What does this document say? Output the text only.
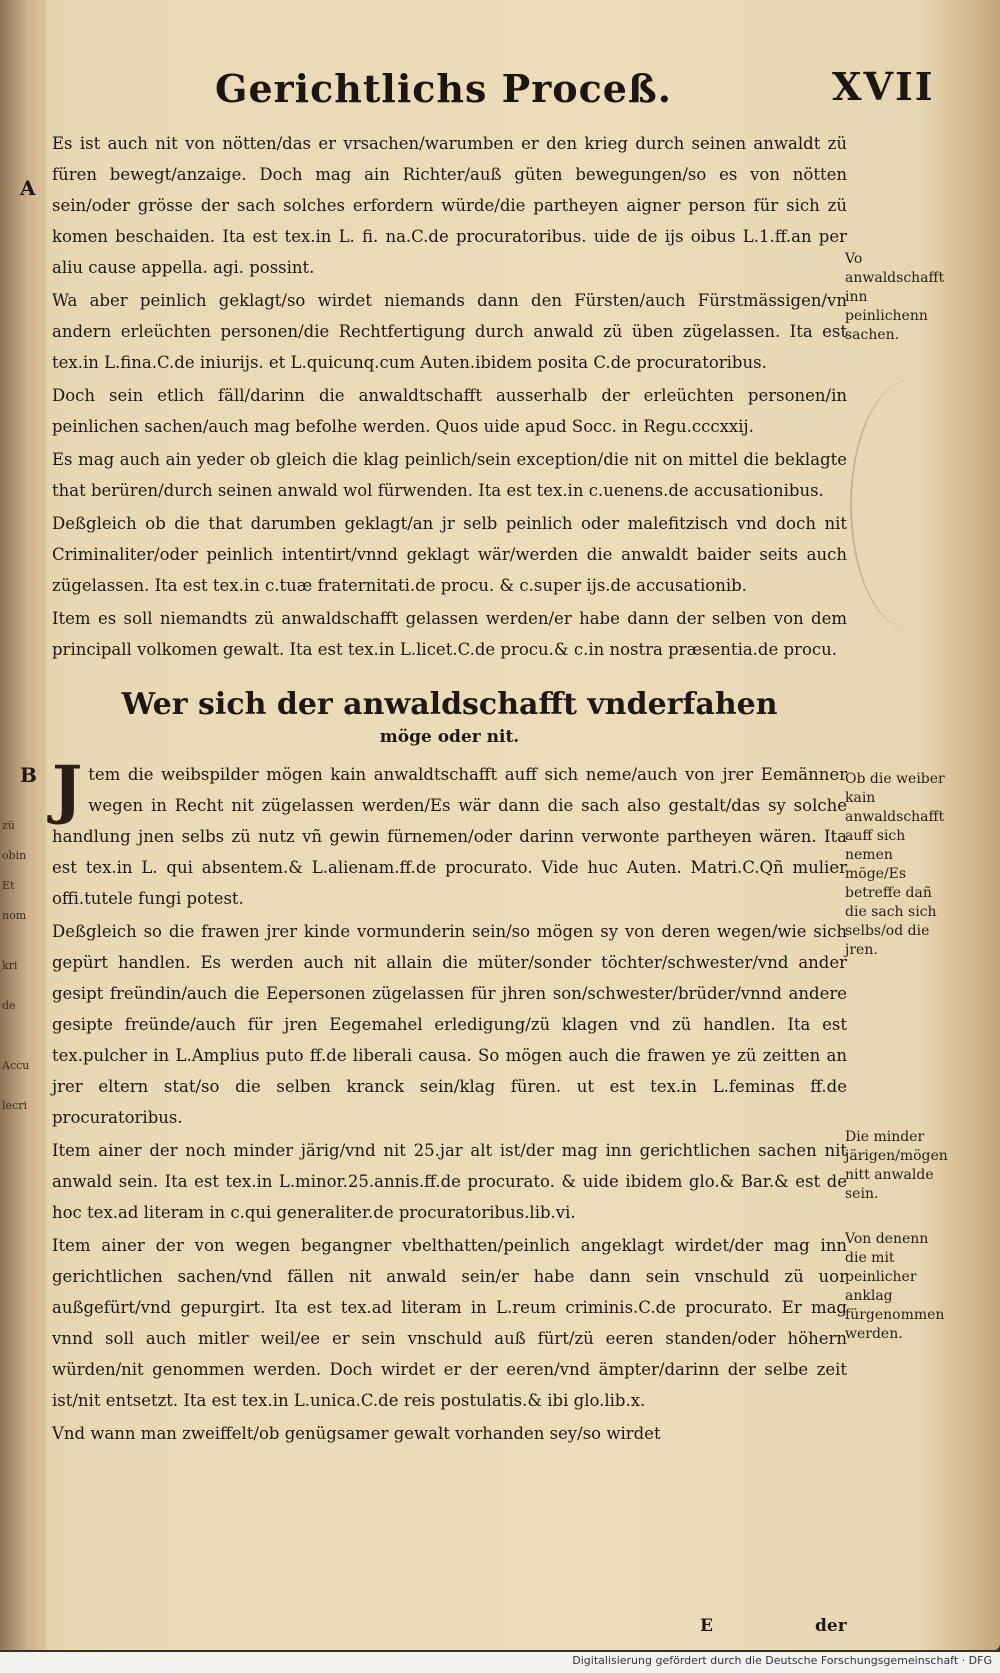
zü
obin
Et
nom
kri
de
Accu
lecri
Gerichtlichs Proceß.	XVII
A
B

Es ist auch nit von nötten/das er vrsachen/warumben er den krieg durch seinen anwaldt zü füren bewegt/anzaige. Doch mag ain Richter/auß güten bewegungen/so es von nötten sein/oder grösse der sach solches erfordern würde/die partheyen aigner person für sich zü komen beschaiden. Ita est tex.in L. fi. na.C.de procuratoribus. uide de ijs oibus L.1.ff.an per aliu cause appella. agi. possint.

Wa aber peinlich geklagt/so wirdet niemands dann den Fürsten/auch Fürstmässigen/vn andern erleüchten personen/die Rechtfertigung durch anwald zü üben zügelassen. Ita est tex.in L.fina.C.de iniurijs. et L.quicunq.cum Auten.ibidem posita C.de procuratoribus.

Doch sein etlich fäll/darinn die anwaldtschafft ausserhalb der erleüchten personen/in peinlichen sachen/auch mag befolhe werden. Quos uide apud Socc. in Regu.cccxxij.

Es mag auch ain yeder ob gleich die klag peinlich/sein exception/die nit on mittel die beklagte that berüren/durch seinen anwald wol fürwenden. Ita est tex.in c.uenens.de accusationibus.

Deßgleich ob die that darumben geklagt/an jr selb peinlich oder malefitzisch vnd doch nit Criminaliter/oder peinlich intentirt/vnnd geklagt wär/werden die anwaldt baider seits auch zügelassen. Ita est tex.in c.tuæ fraternitati.de procu. & c.super ijs.de accusationib.

Item es soll niemandts zü anwaldschafft gelassen werden/er habe dann der selben von dem principall volkomen gewalt. Ita est tex.in L.licet.C.de procu.& c.in nostra præsentia.de procu.

Wer sich der anwaldschafft vnderfahen
möge oder nit.

Jtem die weibspilder mögen kain anwaldtschafft auff sich neme/auch von jrer Eemänner wegen in Recht nit zügelassen werden/Es wär dann die sach also gestalt/das sy solche handlung jnen selbs zü nutz vñ gewin fürnemen/oder darinn verwonte partheyen wären. Ita est tex.in L. qui absentem.& L.alienam.ff.de procurato. Vide huc Auten. Matri.C.Qñ mulier offi.tutele fungi potest.

Deßgleich so die frawen jrer kinde vormunderin sein/so mögen sy von deren wegen/wie sich gepürt handlen. Es werden auch nit allain die müter/sonder töchter/schwester/vnd ander gesipt freündin/auch die Eepersonen zügelassen für jhren son/schwester/brüder/vnnd andere gesipte freünde/auch für jren Eegemahel erledigung/zü klagen vnd zü handlen. Ita est tex.pulcher in L.Amplius puto ff.de liberali causa. So mögen auch die frawen ye zü zeitten an jrer eltern stat/so die selben kranck sein/klag füren. ut est tex.in L.feminas ff.de procuratoribus.

Item ainer der noch minder järig/vnd nit 25.jar alt ist/der mag inn gerichtlichen sachen nit anwald sein. Ita est tex.in L.minor.25.annis.ff.de procurato. & uide ibidem glo.& Bar.& est de hoc tex.ad literam in c.qui generaliter.de procuratoribus.lib.vi.

Item ainer der von wegen begangner vbelthatten/peinlich angeklagt wirdet/der mag inn gerichtlichen sachen/vnd fällen nit anwald sein/er habe dann sein vnschuld zü uor außgefürt/vnd gepurgirt. Ita est tex.ad literam in L.reum criminis.C.de procurato. Er mag vnnd soll auch mitler weil/ee er sein vnschuld auß fürt/zü eeren standen/oder höhern würden/nit genommen werden. Doch wirdet er der eeren/vnd ämpter/darinn der selbe zeit ist/nit entsetzt. Ita est tex.in L.unica.C.de reis postulatis.& ibi glo.lib.x.

Vnd wann man zweiffelt/ob genügsamer gewalt vorhanden sey/so wirdet

Vo anwaldschafft inn peinlichenn sachen.
Ob die weiber kain anwaldschafft auff sich nemen möge/Es betreffe dañ die sach sich selbs/od die jren.
Die minder järigen/mögen nitt anwalde sein.
Von denenn die mit peinlicher anklag fürgenommen werden.
E	der
Digitalisierung gefördert durch die Deutsche Forschungsgemeinschaft · DFG
